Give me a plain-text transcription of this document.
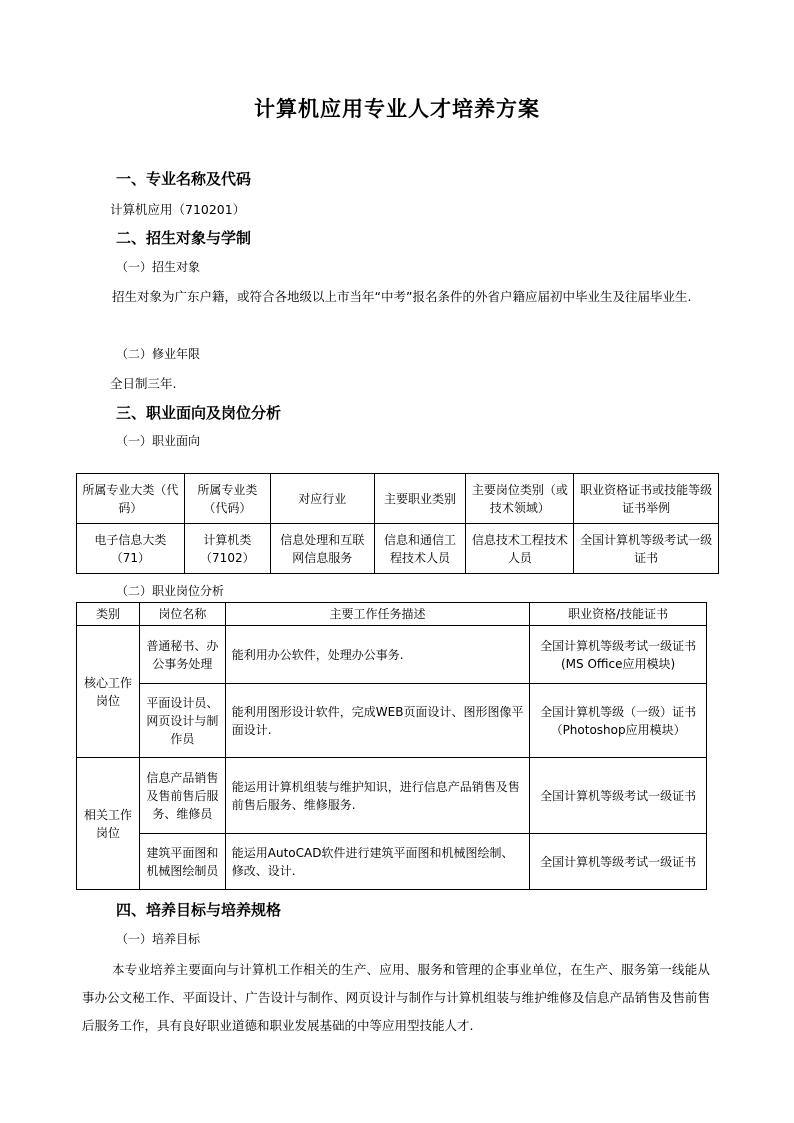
计算机应用专业人才培养方案
一、专业名称及代码
计算机应用（710201）
二、招生对象与学制
（一）招生对象
招生对象为广东户籍，或符合各地级以上市当年“中考”报名条件的外省户籍应届初中毕业生及往届毕业生.
（二）修业年限
全日制三年.
三、职业面向及岗位分析
（一）职业面向
所属专业大类（代码）	所属专业类（代码）	对应行业	主要职业类别	主要岗位类别（或技术领域）	职业资格证书或技能等级证书举例
电子信息大类（71）	计算机类（7102）	信息处理和互联网信息服务	信息和通信工程技术人员	信息技术工程技术人员	全国计算机等级考试一级证书
（二）职业岗位分析
类别	岗位名称	主要工作任务描述	职业资格/技能证书
核心工作岗位	普通秘书、办公事务处理	能利用办公软件，处理办公事务.	全国计算机等级考试一级证书(MS Office应用模块)
	平面设计员、网页设计与制作员	能利用图形设计软件，完成WEB页面设计、图形图像平面设计.	全国计算机等级（一级）证书（Photoshop应用模块）
相关工作岗位	信息产品销售及售前售后服务、维修员	能运用计算机组装与维护知识，进行信息产品销售及售前售后服务、维修服务.	全国计算机等级考试一级证书
	建筑平面图和机械图绘制员	能运用AutoCAD软件进行建筑平面图和机械图绘制、修改、设计.	全国计算机等级考试一级证书
四、培养目标与培养规格
（一）培养目标
本专业培养主要面向与计算机工作相关的生产、应用、服务和管理的企事业单位，在生产、服务第一线能从事办公文秘工作、平面设计、广告设计与制作、网页设计与制作与计算机组装与维护维修及信息产品销售及售前售后服务工作，具有良好职业道德和职业发展基础的中等应用型技能人才.
